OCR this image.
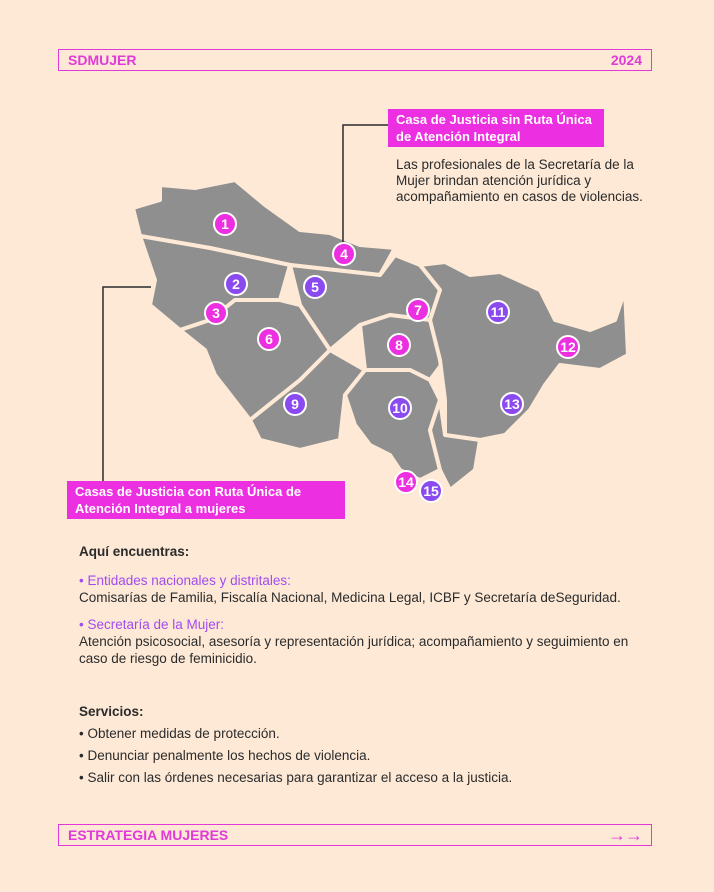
SDMUJER	2024
1
2
3
4
5
6
7
8
9	10
11
12
13
14
15
Casa de Justicia sin Ruta Única de Atención Integral
Las profesionales de la Secretaría de la Mujer brindan atención jurídica y acompañamiento en casos de violencias.
Casas de Justicia con Ruta Única de Atención Integral a mujeres
Aquí encuentras:
• Entidades nacionales y distritales:
Comisarías de Familia, Fiscalía Nacional, Medicina Legal, ICBF y Secretaría deSeguridad.
• Secretaría de la Mujer:
Atención psicosocial, asesoría y representación jurídica; acompañamiento y seguimiento en caso de riesgo de feminicidio.
Servicios:
• Obtener medidas de protección.
• Denunciar penalmente los hechos de violencia.
• Salir con las órdenes necesarias para garantizar el acceso a la justicia.
ESTRATEGIA MUJERES	→→
